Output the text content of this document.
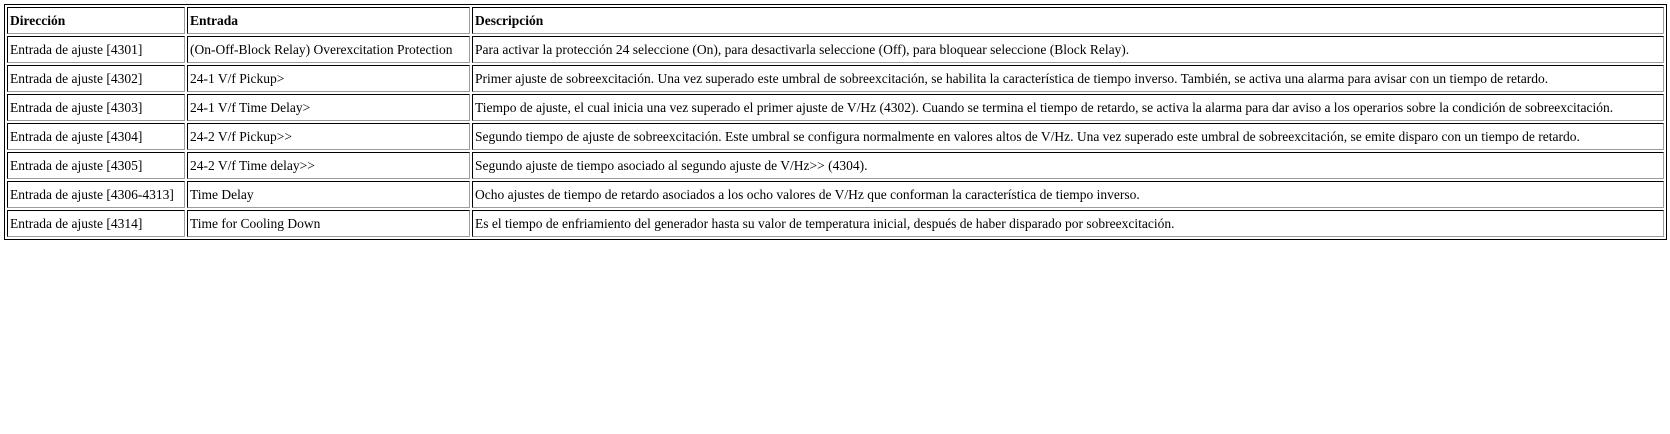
Dirección	Entrada	Descripción
Entrada de ajuste [4301]	(On-Off-Block Relay) Overexcitation Protection	Para activar la protección 24 seleccione (On), para desactivarla seleccione (Off), para bloquear seleccione (Block Relay).
Entrada de ajuste [4302]	24-1 V/f Pickup>	Primer ajuste de sobreexcitación. Una vez superado este umbral de sobreexcitación, se habilita la característica de tiempo inverso. También, se activa una alarma para avisar con un tiempo de retardo.
Entrada de ajuste [4303]	24-1 V/f Time Delay>	Tiempo de ajuste, el cual inicia una vez superado el primer ajuste de V/Hz (4302). Cuando se termina el tiempo de retardo, se activa la alarma para dar aviso a los operarios sobre la condición de sobreexcitación.
Entrada de ajuste [4304]	24-2 V/f Pickup>>	Segundo tiempo de ajuste de sobreexcitación. Este umbral se configura normalmente en valores altos de V/Hz. Una vez superado este umbral de sobreexcitación, se emite disparo con un tiempo de retardo.
Entrada de ajuste [4305]	24-2 V/f Time delay>>	Segundo ajuste de tiempo asociado al segundo ajuste de V/Hz>> (4304).
Entrada de ajuste [4306-4313]	Time Delay	Ocho ajustes de tiempo de retardo asociados a los ocho valores de V/Hz que conforman la característica de tiempo inverso.
Entrada de ajuste [4314]	Time for Cooling Down	Es el tiempo de enfriamiento del generador hasta su valor de temperatura inicial, después de haber disparado por sobreexcitación.
